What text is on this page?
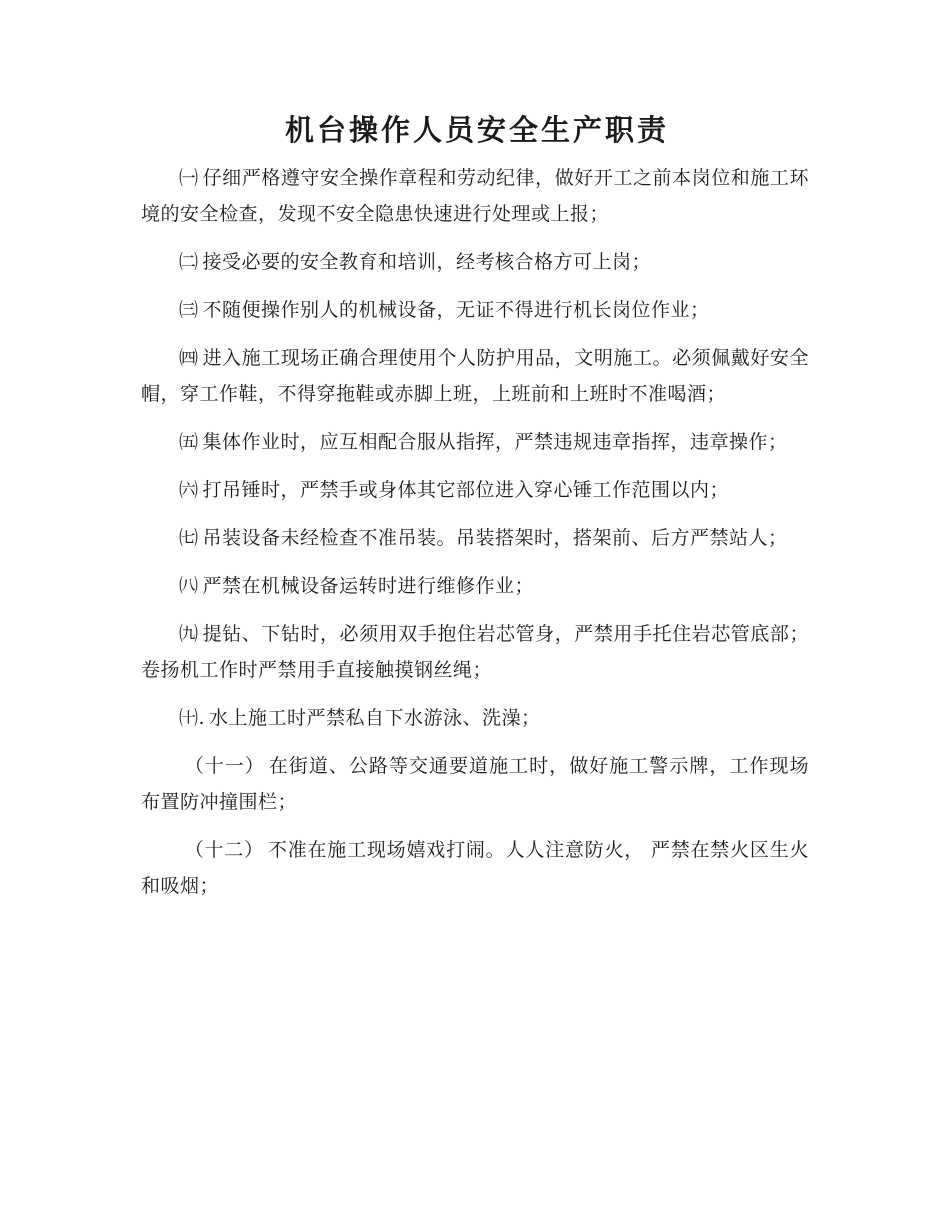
机台操作人员安全生产职责

㈠ 仔细严格遵守安全操作章程和劳动纪律，做好开工之前本岗位和施工环境的安全检查，发现不安全隐患快速进行处理或上报；

㈡ 接受必要的安全教育和培训，经考核合格方可上岗；

㈢ 不随便操作别人的机械设备，无证不得进行机长岗位作业；

㈣ 进入施工现场正确合理使用个人防护用品，文明施工。必须佩戴好安全帽，穿工作鞋，不得穿拖鞋或赤脚上班，上班前和上班时不准喝酒；

㈤ 集体作业时，应互相配合服从指挥，严禁违规违章指挥，违章操作；

㈥ 打吊锤时，严禁手或身体其它部位进入穿心锤工作范围以内；

㈦ 吊装设备未经检查不准吊装。吊装搭架时，搭架前、后方严禁站人；

㈧ 严禁在机械设备运转时进行维修作业；

㈨ 提钻、下钻时，必须用双手抱住岩芯管身，严禁用手托住岩芯管底部；卷扬机工作时严禁用手直接触摸钢丝绳；

㈩. 水上施工时严禁私自下水游泳、洗澡；

（十一） 在街道、公路等交通要道施工时，做好施工警示牌，工作现场布置防冲撞围栏；

（十二） 不准在施工现场嬉戏打闹。人人注意防火， 严禁在禁火区生火和吸烟；
